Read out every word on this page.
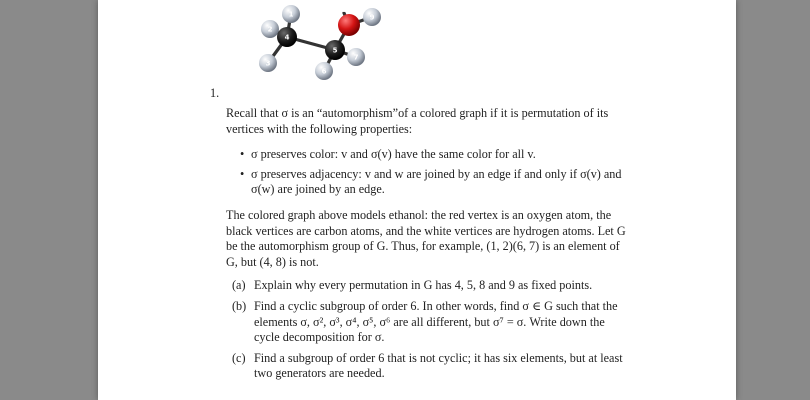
2
1
3
4
6
5
7
8
9
1.

Recall that σ is an “automorphism”of a colored graph if it is permutation of its vertices with the following properties:

• σ preserves color: v and σ(v) have the same color for all v.
• σ preserves adjacency: v and w are joined by an edge if and only if σ(v) and σ(w) are joined by an edge.

The colored graph above models ethanol: the red vertex is an oxygen atom, the black vertices are carbon atoms, and the white vertices are hydrogen atoms. Let G be the automorphism group of G. Thus, for example, (1, 2)(6, 7) is an element of G, but (4, 8) is not.

(a) Explain why every permutation in G has 4, 5, 8 and 9 as fixed points.
(b) Find a cyclic subgroup of order 6. In other words, find σ ∈ G such that the elements σ, σ², σ³, σ⁴, σ⁵, σ⁶ are all different, but σ⁷ = σ. Write down the cycle decomposition for σ.
(c) Find a subgroup of order 6 that is not cyclic; it has six elements, but at least two generators are needed.
